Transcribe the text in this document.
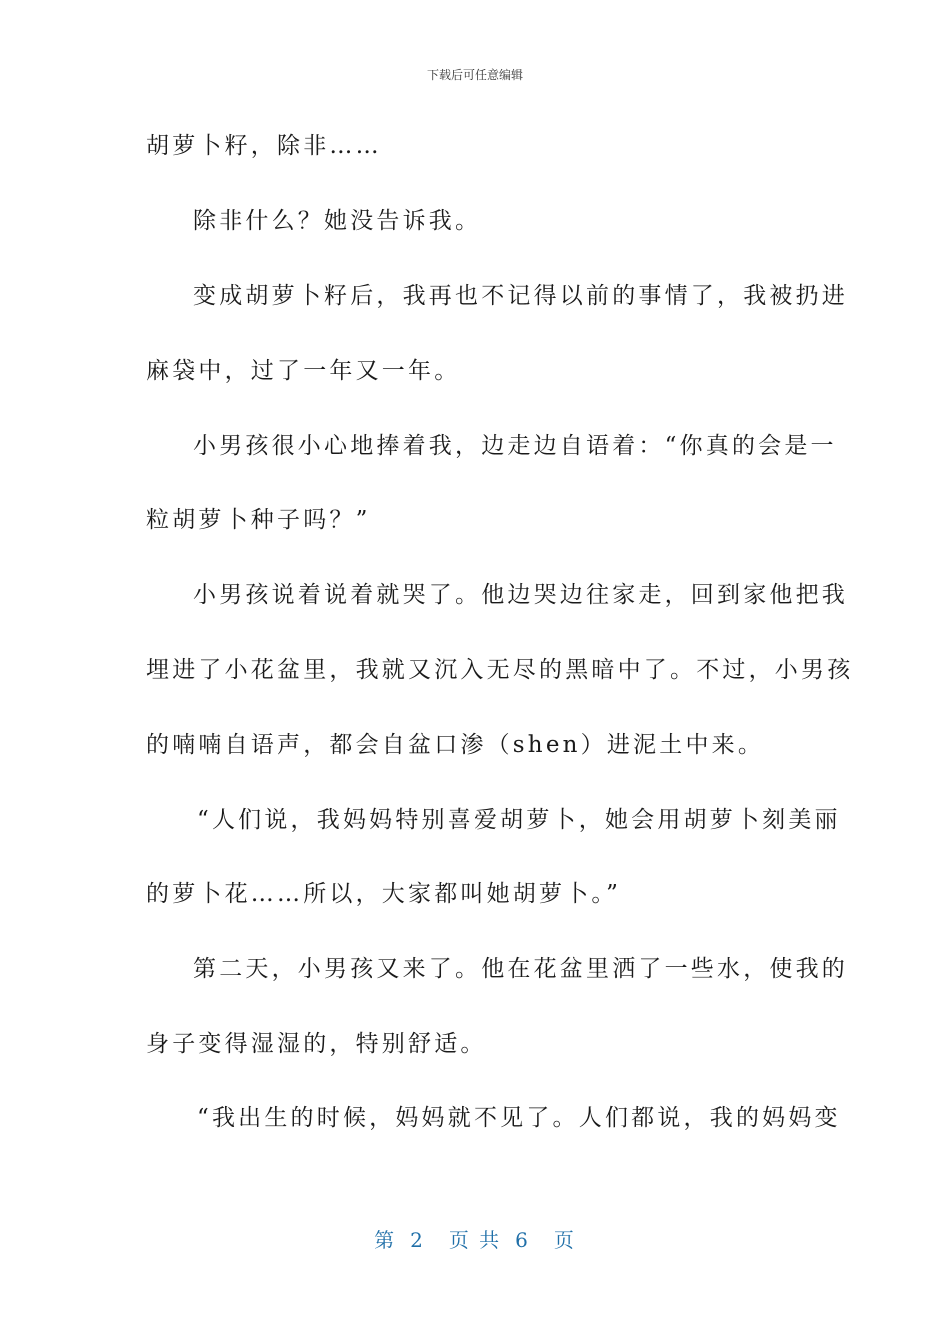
下载后可任意编辑
胡萝卜籽，除非……
除非什么？她没告诉我。
变成胡萝卜籽后，我再也不记得以前的事情了，我被扔进
麻袋中，过了一年又一年。
小男孩很小心地捧着我，边走边自语着：“你真的会是一
粒胡萝卜种子吗？”
小男孩说着说着就哭了。他边哭边往家走，回到家他把我
埋进了小花盆里，我就又沉入无尽的黑暗中了。不过，小男孩
的喃喃自语声，都会自盆口渗（shen）进泥土中来。
“人们说，我妈妈特别喜爱胡萝卜，她会用胡萝卜刻美丽
的萝卜花……所以，大家都叫她胡萝卜。”
第二天，小男孩又来了。他在花盆里洒了一些水，使我的
身子变得湿湿的，特别舒适。
“我出生的时候，妈妈就不见了。人们都说，我的妈妈变
第 2 页 共 6 页
